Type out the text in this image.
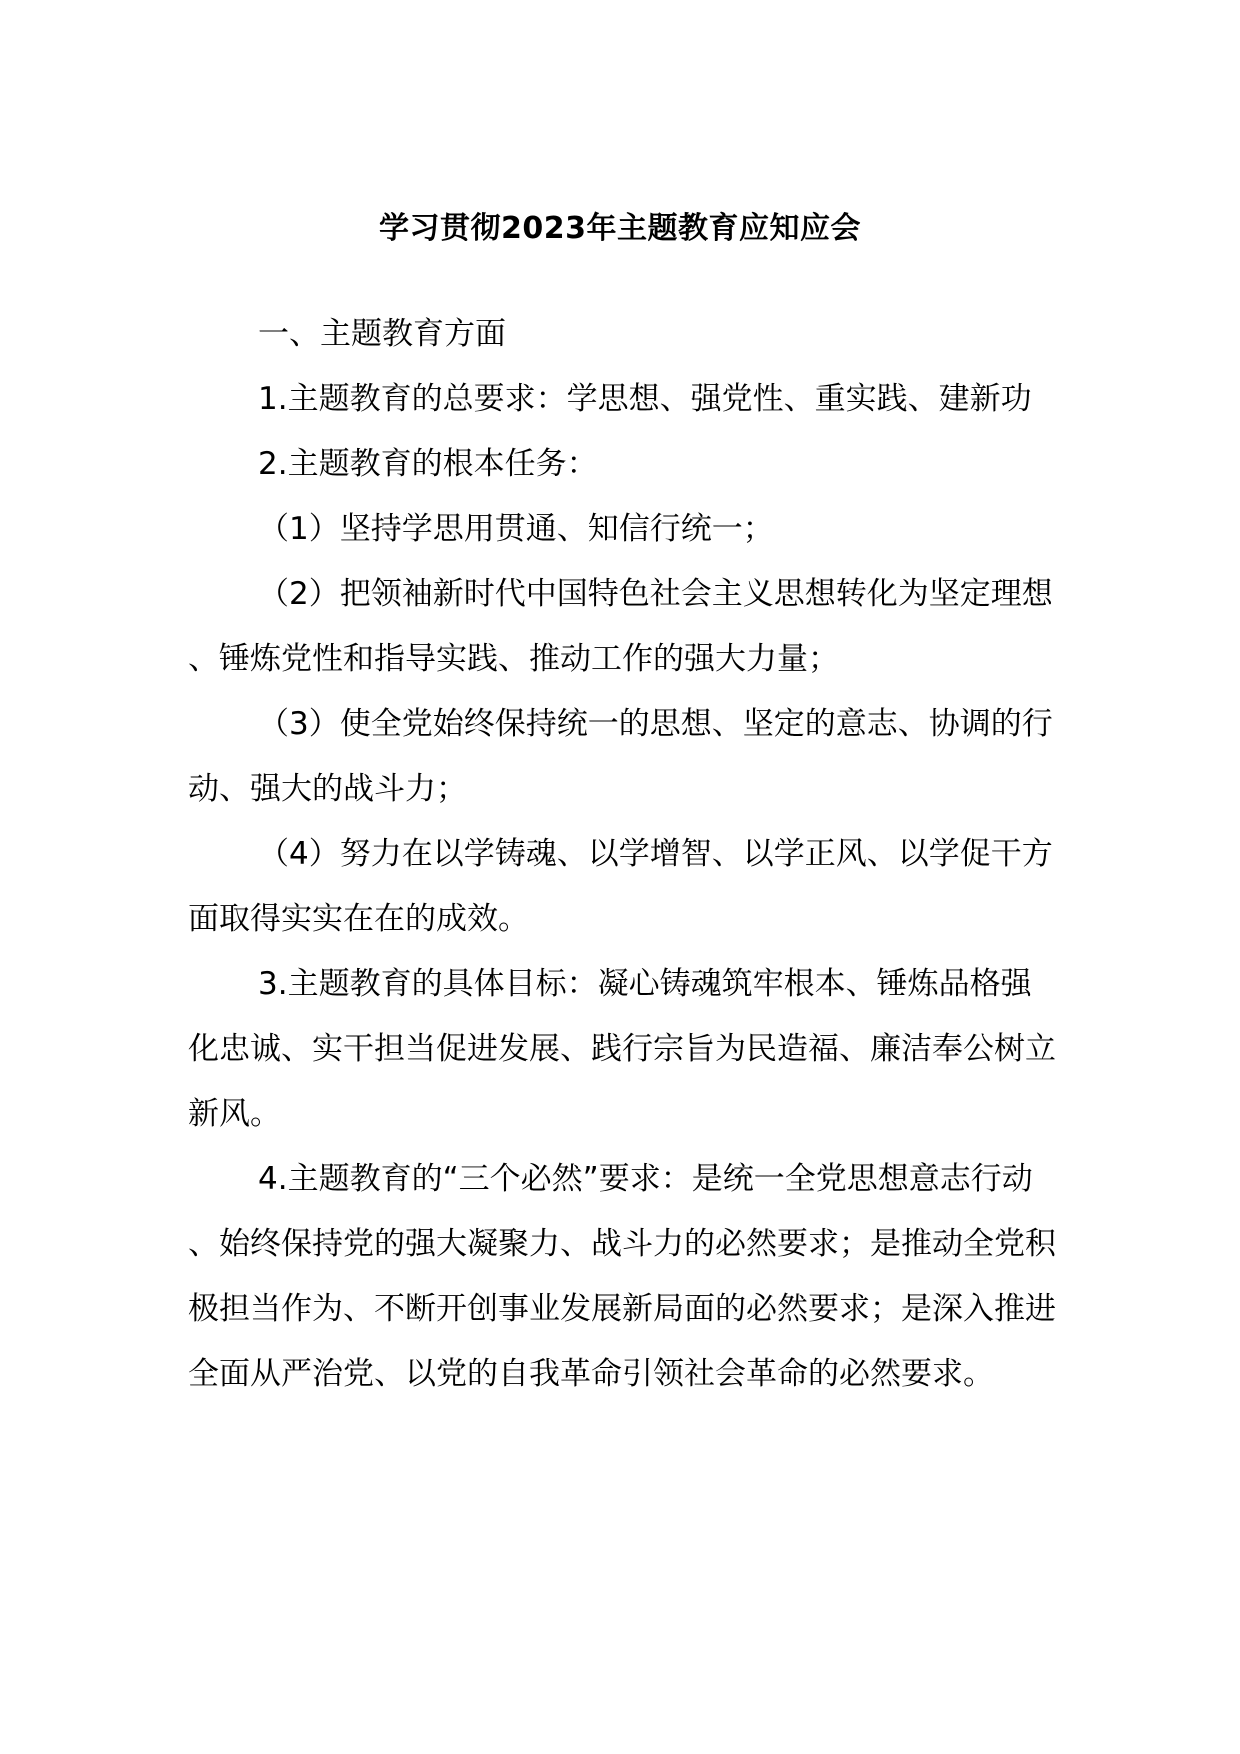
学习贯彻2023年主题教育应知应会

一、主题教育方面

1.主题教育的总要求：学思想、强党性、重实践、建新功

2.主题教育的根本任务：

（1）坚持学思用贯通、知信行统一；

（2）把领袖新时代中国特色社会主义思想转化为坚定理想、锤炼党性和指导实践、推动工作的强大力量；

（3）使全党始终保持统一的思想、坚定的意志、协调的行动、强大的战斗力；

（4）努力在以学铸魂、以学增智、以学正风、以学促干方面取得实实在在的成效。

3.主题教育的具体目标：凝心铸魂筑牢根本、锤炼品格强化忠诚、实干担当促进发展、践行宗旨为民造福、廉洁奉公树立新风。

4.主题教育的“三个必然”要求：是统一全党思想意志行动、始终保持党的强大凝聚力、战斗力的必然要求；是推动全党积极担当作为、不断开创事业发展新局面的必然要求；是深入推进全面从严治党、以党的自我革命引领社会革命的必然要求。
